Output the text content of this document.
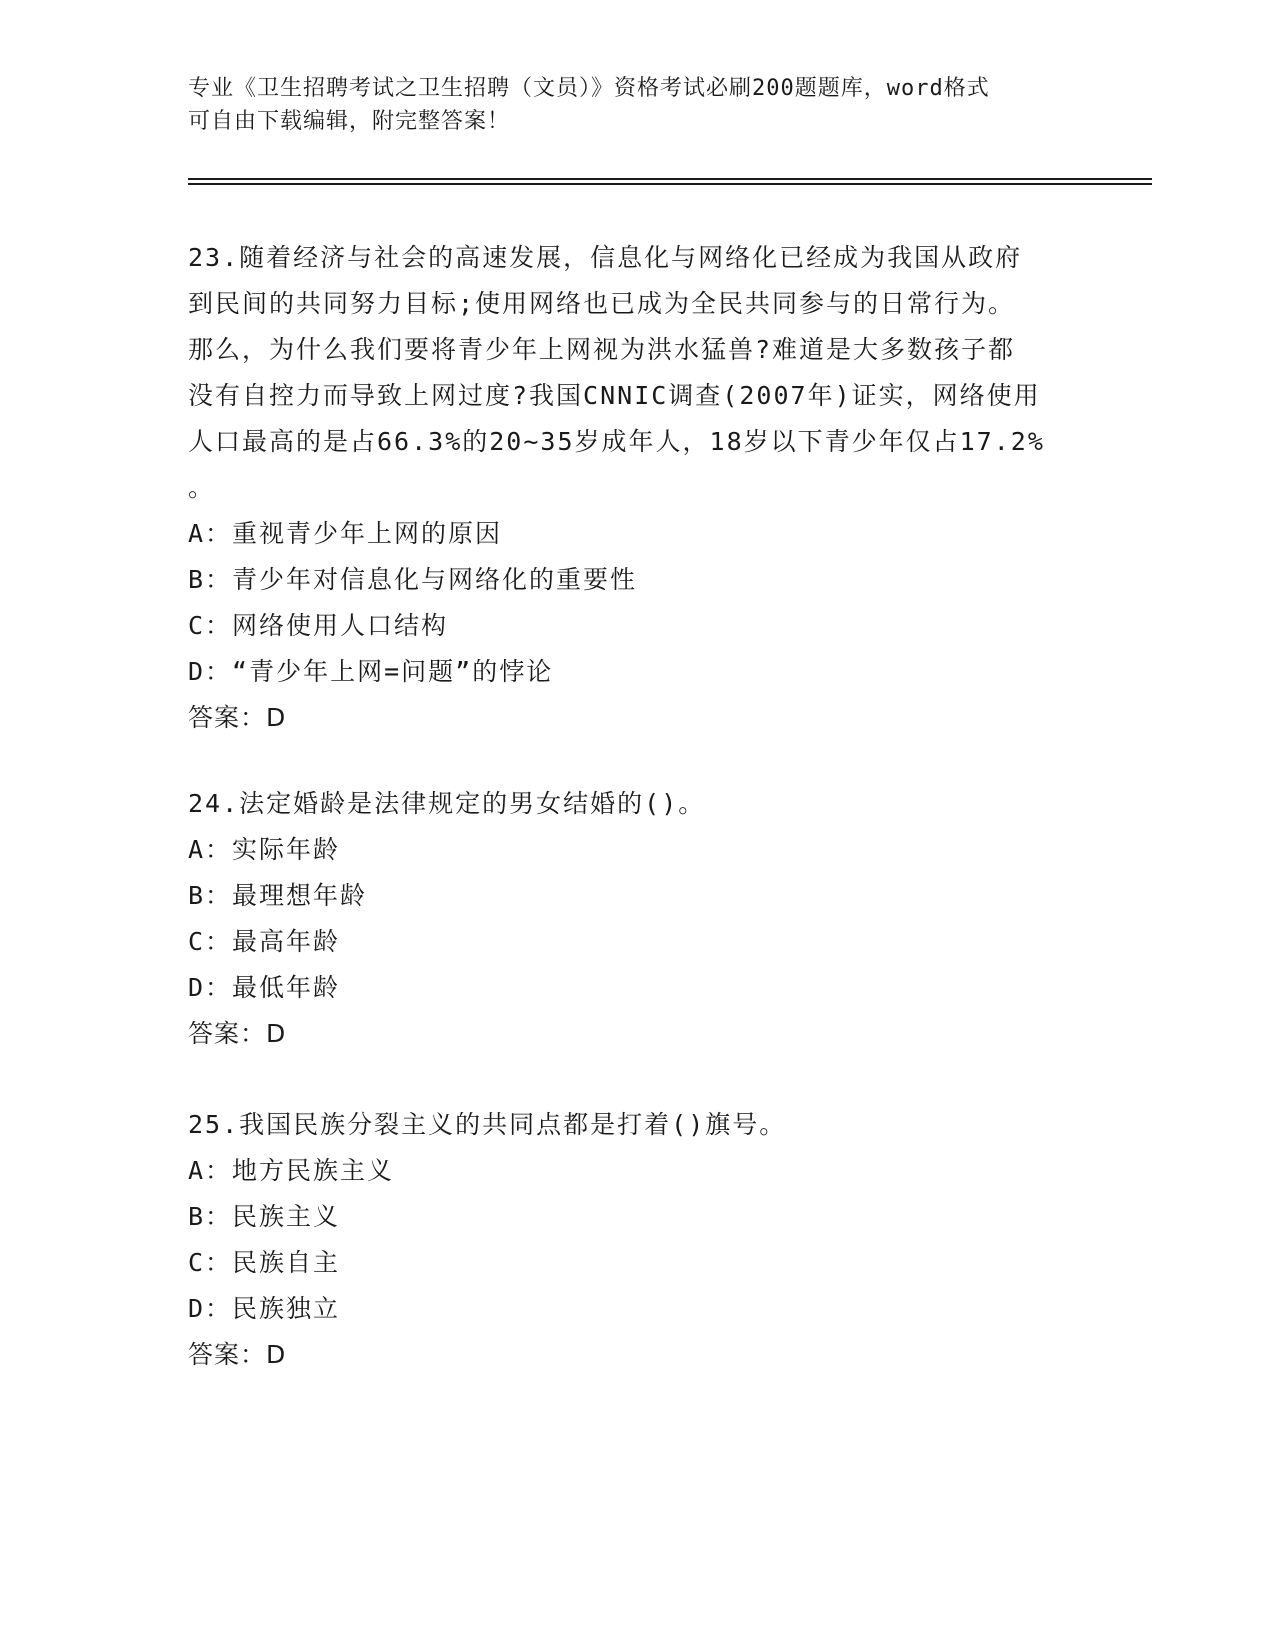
专业《卫生招聘考试之卫生招聘（文员）》资格考试必刷200题题库，word格式
可自由下载编辑，附完整答案！
23.随着经济与社会的高速发展，信息化与网络化已经成为我国从政府
到民间的共同努力目标;使用网络也已成为全民共同参与的日常行为。
那么，为什么我们要将青少年上网视为洪水猛兽?难道是大多数孩子都
没有自控力而导致上网过度?我国CNNIC调查(2007年)证实，网络使用
人口最高的是占66.3%的20~35岁成年人，18岁以下青少年仅占17.2%
。
A：重视青少年上网的原因
B：青少年对信息化与网络化的重要性
C：网络使用人口结构
D：“青少年上网=问题”的悖论
答案：D
24.法定婚龄是法律规定的男女结婚的()。
A：实际年龄
B：最理想年龄
C：最高年龄
D：最低年龄
答案：D
25.我国民族分裂主义的共同点都是打着()旗号。
A：地方民族主义
B：民族主义
C：民族自主
D：民族独立
答案：D
